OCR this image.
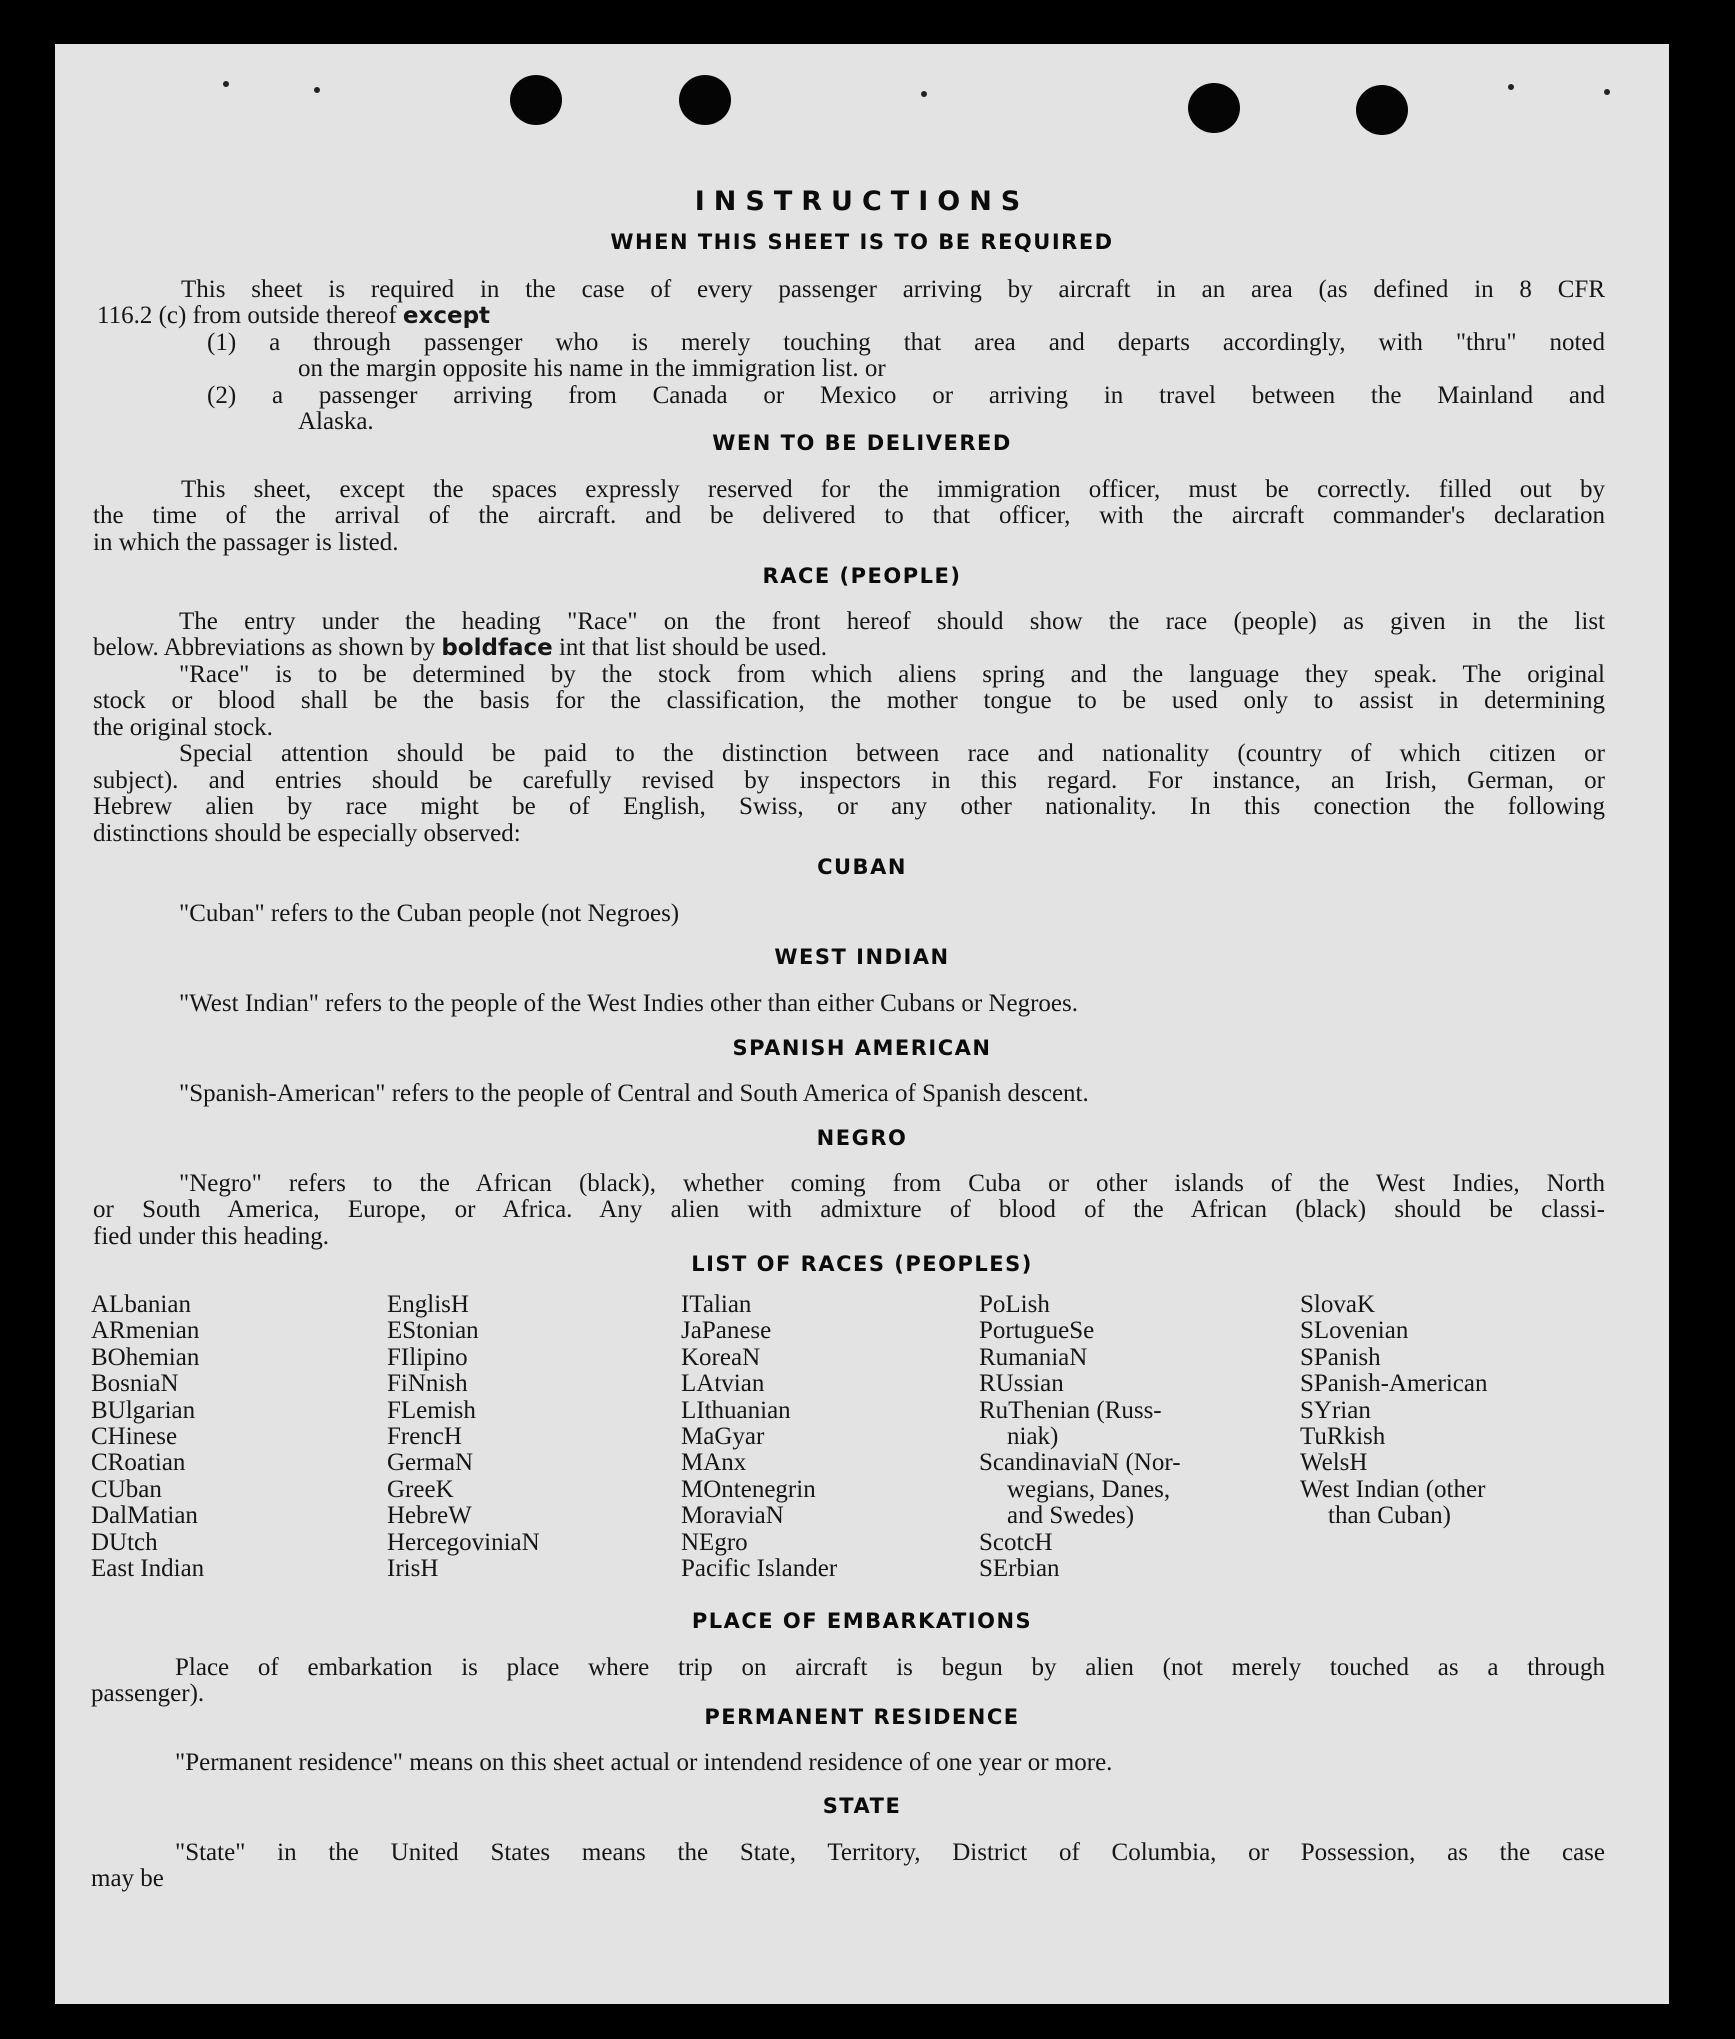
INSTRUCTIONS
WHEN THIS SHEET IS TO BE REQUIRED

This sheet is required in the case of every passenger arriving by aircraft in an area (as defined in 8 CFR

116.2 (c) from outside thereof except

(1) a through passenger who is merely touching that area and departs accordingly, with "thru" noted

on the margin opposite his name in the immigration list. or

(2) a passenger arriving from Canada or Mexico or arriving in travel between the Mainland and

Alaska.

WEN TO BE DELIVERED

This sheet, except the spaces expressly reserved for the immigration officer, must be correctly. filled out by

the time of the arrival of the aircraft. and be delivered to that officer, with the aircraft commander's declaration

in which the passager is listed.

RACE (PEOPLE)

The entry under the heading "Race" on the front hereof should show the race (people) as given in the list

below. Abbreviations as shown by boldface int that list should be used.

"Race" is to be determined by the stock from which aliens spring and the language they speak. The original

stock or blood shall be the basis for the classification, the mother tongue to be used only to assist in determining

the original stock.

Special attention should be paid to the distinction between race and nationality (country of which citizen or

subject). and entries should be carefully revised by inspectors in this regard. For instance, an Irish, German, or

Hebrew alien by race might be of English, Swiss, or any other nationality. In this conection the following

distinctions should be especially observed:

CUBAN

"Cuban" refers to the Cuban people (not Negroes)

WEST INDIAN

"West Indian" refers to the people of the West Indies other than either Cubans or Negroes.

SPANISH AMERICAN

"Spanish-American" refers to the people of Central and South America of Spanish descent.

NEGRO

"Negro" refers to the African (black), whether coming from Cuba or other islands of the West Indies, North

or South America, Europe, or Africa. Any alien with admixture of blood of the African (black) should be classi-

fied under this heading.

LIST OF RACES (PEOPLES)
ALbanian
ARmenian
BOhemian
BosniaN
BUlgarian
CHinese
CRoatian
CUban
DalMatian
DUtch
East Indian
EnglisH
EStonian
FIlipino
FiNnish
FLemish
FrencH
GermaN
GreeK
HebreW
HercegoviniaN
IrisH
ITalian
JaPanese
KoreaN
LAtvian
LIthuanian
MaGyar
MAnx
MOntenegrin
MoraviaN
NEgro
Pacific Islander
PoLish
PortugueSe
RumaniaN
RUssian
RuThenian (Russ-
niak)
ScandinaviaN (Nor-
wegians, Danes,
and Swedes)
ScotcH
SErbian
SlovaK
SLovenian
SPanish
SPanish-American
SYrian
TuRkish
WelsH
West Indian (other
than Cuban)
PLACE OF EMBARKATIONS

Place of embarkation is place where trip on aircraft is begun by alien (not merely touched as a through

passenger).

PERMANENT RESIDENCE

"Permanent residence" means on this sheet actual or intendend residence of one year or more.

STATE

"State" in the United States means the State, Territory, District of Columbia, or Possession, as the case

may be
